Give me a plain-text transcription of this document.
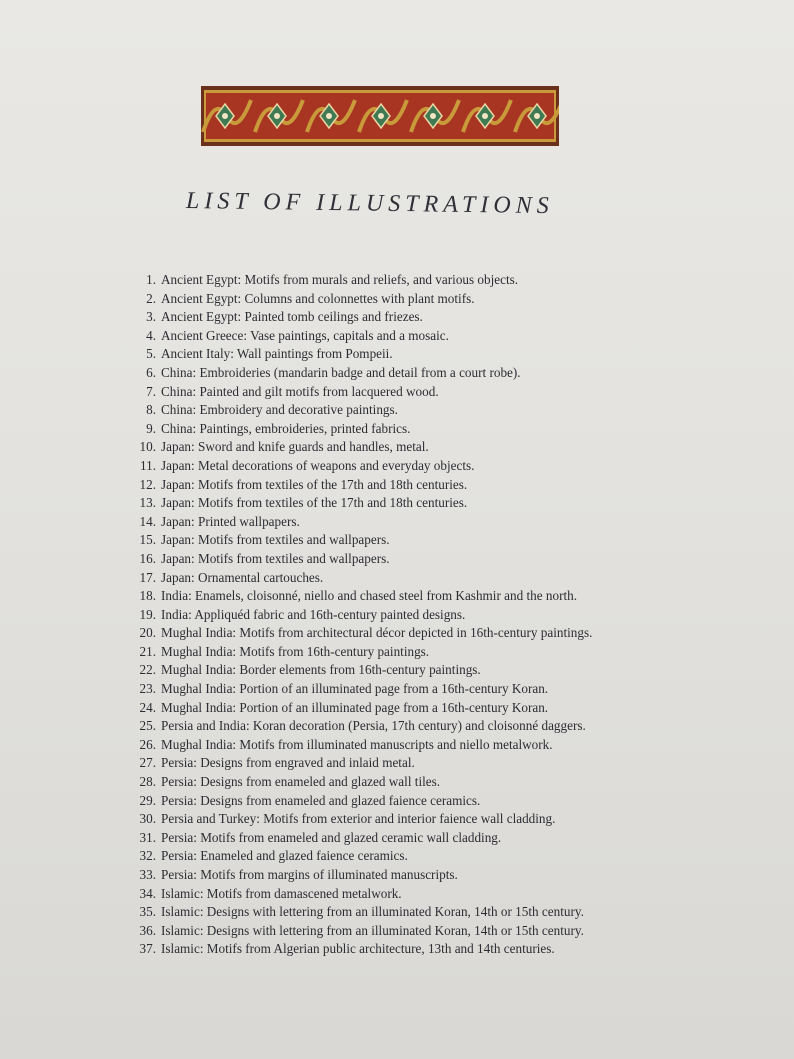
LIST OF ILLUSTRATIONS
1. Ancient Egypt: Motifs from murals and reliefs, and various objects.
2. Ancient Egypt: Columns and colonnettes with plant motifs.
3. Ancient Egypt: Painted tomb ceilings and friezes.
4. Ancient Greece: Vase paintings, capitals and a mosaic.
5. Ancient Italy: Wall paintings from Pompeii.
6. China: Embroideries (mandarin badge and detail from a court robe).
7. China: Painted and gilt motifs from lacquered wood.
8. China: Embroidery and decorative paintings.
9. China: Paintings, embroideries, printed fabrics.
10. Japan: Sword and knife guards and handles, metal.
11. Japan: Metal decorations of weapons and everyday objects.
12. Japan: Motifs from textiles of the 17th and 18th centuries.
13. Japan: Motifs from textiles of the 17th and 18th centuries.
14. Japan: Printed wallpapers.
15. Japan: Motifs from textiles and wallpapers.
16. Japan: Motifs from textiles and wallpapers.
17. Japan: Ornamental cartouches.
18. India: Enamels, cloisonné, niello and chased steel from Kashmir and the north.
19. India: Appliquéd fabric and 16th-century painted designs.
20. Mughal India: Motifs from architectural décor depicted in 16th-century paintings.
21. Mughal India: Motifs from 16th-century paintings.
22. Mughal India: Border elements from 16th-century paintings.
23. Mughal India: Portion of an illuminated page from a 16th-century Koran.
24. Mughal India: Portion of an illuminated page from a 16th-century Koran.
25. Persia and India: Koran decoration (Persia, 17th century) and cloisonné daggers.
26. Mughal India: Motifs from illuminated manuscripts and niello metalwork.
27. Persia: Designs from engraved and inlaid metal.
28. Persia: Designs from enameled and glazed wall tiles.
29. Persia: Designs from enameled and glazed faience ceramics.
30. Persia and Turkey: Motifs from exterior and interior faience wall cladding.
31. Persia: Motifs from enameled and glazed ceramic wall cladding.
32. Persia: Enameled and glazed faience ceramics.
33. Persia: Motifs from margins of illuminated manuscripts.
34. Islamic: Motifs from damascened metalwork.
35. Islamic: Designs with lettering from an illuminated Koran, 14th or 15th century.
36. Islamic: Designs with lettering from an illuminated Koran, 14th or 15th century.
37. Islamic: Motifs from Algerian public architecture, 13th and 14th centuries.
